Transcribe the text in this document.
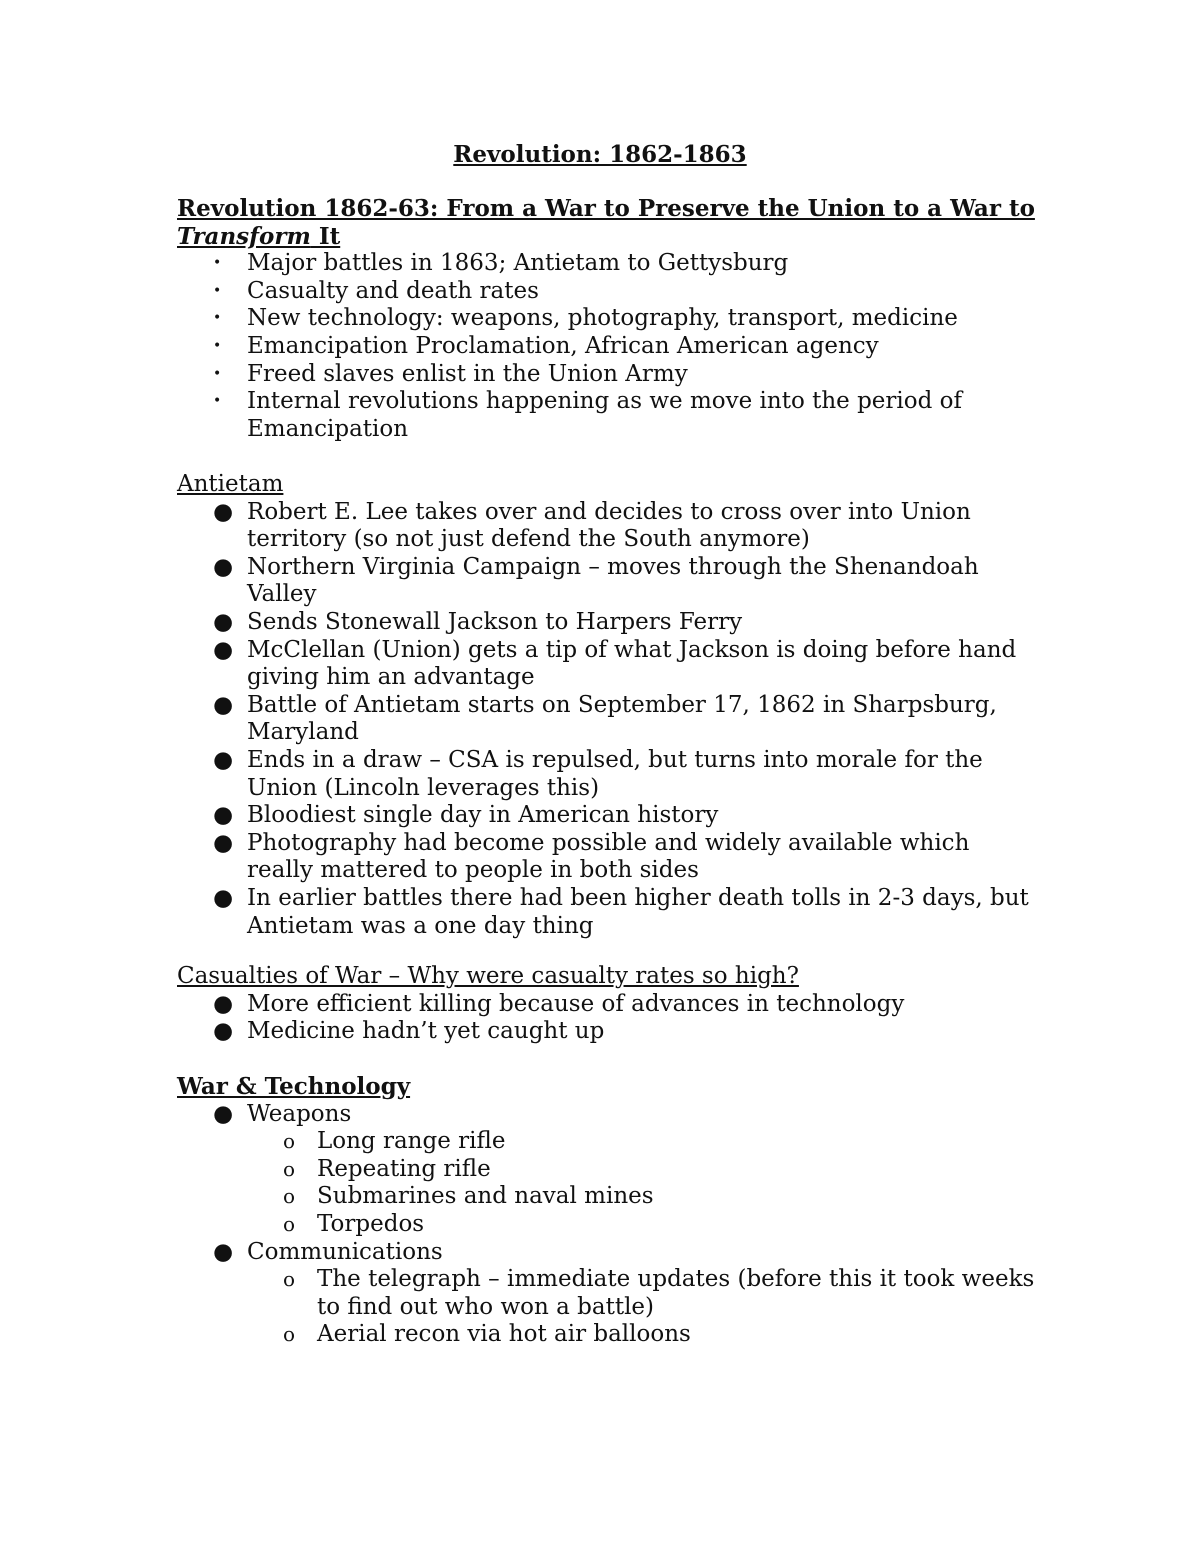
Revolution: 1862-1863

Revolution 1862-63: From a War to Preserve the Union to a War to Transform It

• Major battles in 1863; Antietam to Gettysburg
• Casualty and death rates
• New technology: weapons, photography, transport, medicine
• Emancipation Proclamation, African American agency
• Freed slaves enlist in the Union Army
• Internal revolutions happening as we move into the period of Emancipation

Antietam

● Robert E. Lee takes over and decides to cross over into Union territory (so not just defend the South anymore)
● Northern Virginia Campaign – moves through the Shenandoah Valley
● Sends Stonewall Jackson to Harpers Ferry
● McClellan (Union) gets a tip of what Jackson is doing before hand giving him an advantage
● Battle of Antietam starts on September 17, 1862 in Sharpsburg, Maryland
● Ends in a draw – CSA is repulsed, but turns into morale for the Union (Lincoln leverages this)
● Bloodiest single day in American history
● Photography had become possible and widely available which really mattered to people in both sides
● In earlier battles there had been higher death tolls in 2-3 days, but Antietam was a one day thing

Casualties of War – Why were casualty rates so high?

● More efficient killing because of advances in technology
● Medicine hadn’t yet caught up

War & Technology

● Weapons
o Long range rifle
o Repeating rifle
o Submarines and naval mines
o Torpedos
● Communications
o The telegraph – immediate updates (before this it took weeks to find out who won a battle)
o Aerial recon via hot air balloons
